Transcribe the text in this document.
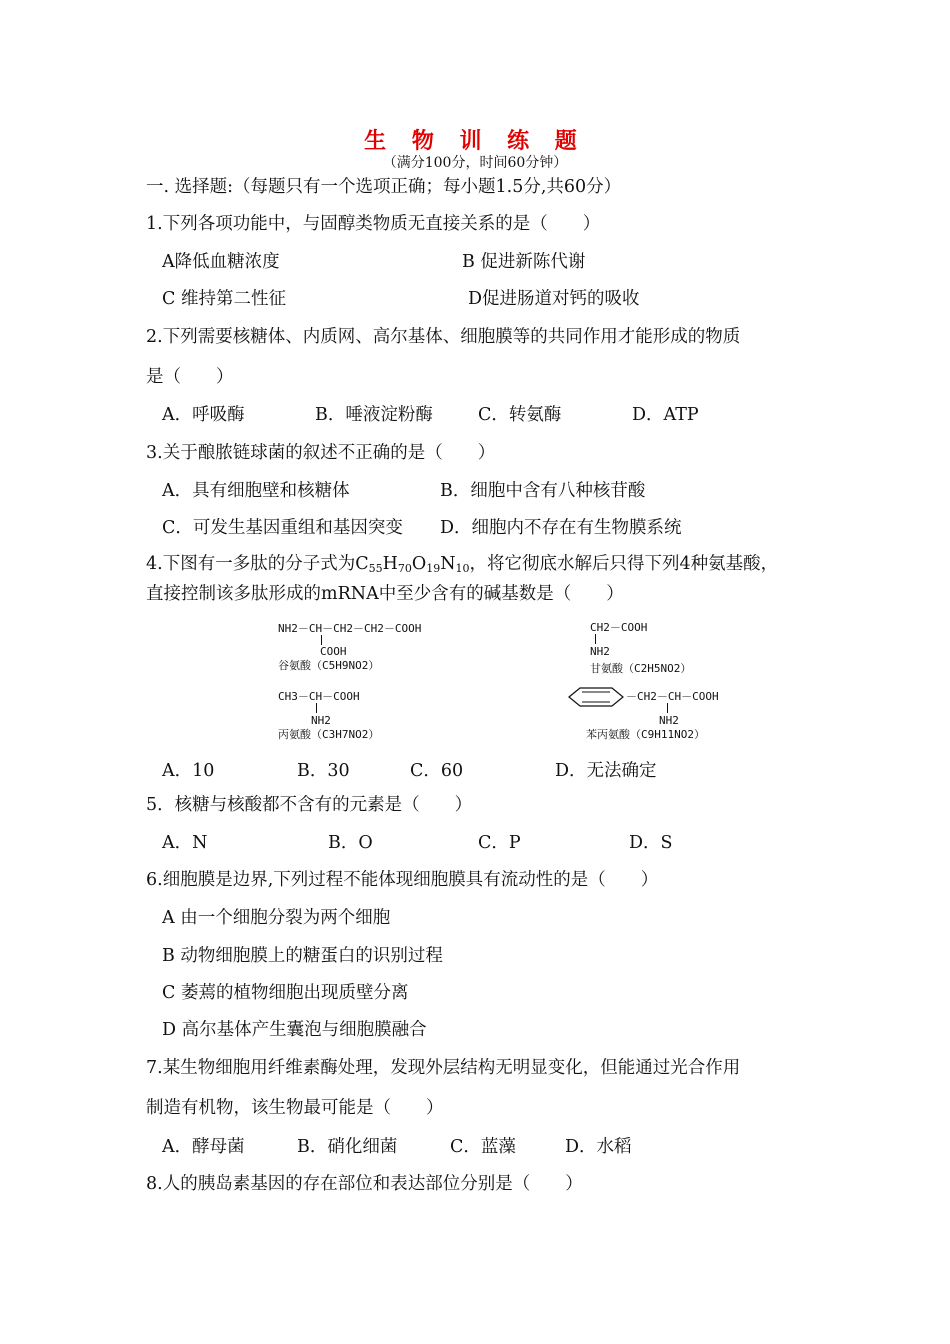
生 物 训 练 题
（满分100分，时间60分钟）
一. 选择题:（每题只有一个选项正确；每小题1.5分,共60分）
1.下列各项功能中，与固醇类物质无直接关系的是（　　）
A降低血糖浓度	B 促进新陈代谢
C 维持第二性征	D促进肠道对钙的吸收
2.下列需要核糖体、内质网、高尔基体、细胞膜等的共同作用才能形成的物质
是（　　）
A．呼吸酶	B．唾液淀粉酶	C．转氨酶	D．ATP
3.关于酿脓链球菌的叙述不正确的是（　　）
A．具有细胞壁和核糖体	B．细胞中含有八种核苷酸
C．可发生基因重组和基因突变 D．细胞内不存在有生物膜系统
4.下图有一多肽的分子式为$C_{55}H_{70}O_{19}N_{10}$，将它彻底水解后只得下列4种氨基酸，
直接控制该多肽形成的mRNA中至少含有的碱基数是（　　）
NH2－CH－CH2－CH2－COOH
COOH
谷氨酸（C5H9NO2）
CH2－COOH
NH2
甘氨酸（C2H5NO2）
CH3－CH－COOH
NH2
丙氨酸（C3H7NO2）
－CH2－CH－COOH
NH2
苯丙氨酸（C9H11NO2）
A．10	B．30	C．60	D．无法确定
5．核糖与核酸都不含有的元素是（　　）
A．N	B．O	C．P	D．S
6.细胞膜是边界,下列过程不能体现细胞膜具有流动性的是（　　）
A 由一个细胞分裂为两个细胞
B 动物细胞膜上的糖蛋白的识别过程
C 萎蔫的植物细胞出现质壁分离
D 高尔基体产生囊泡与细胞膜融合
7.某生物细胞用纤维素酶处理，发现外层结构无明显变化，但能通过光合作用
制造有机物，该生物最可能是（　　）
A．酵母菌	B．硝化细菌	C．蓝藻	D．水稻
8.人的胰岛素基因的存在部位和表达部位分别是（　　）
